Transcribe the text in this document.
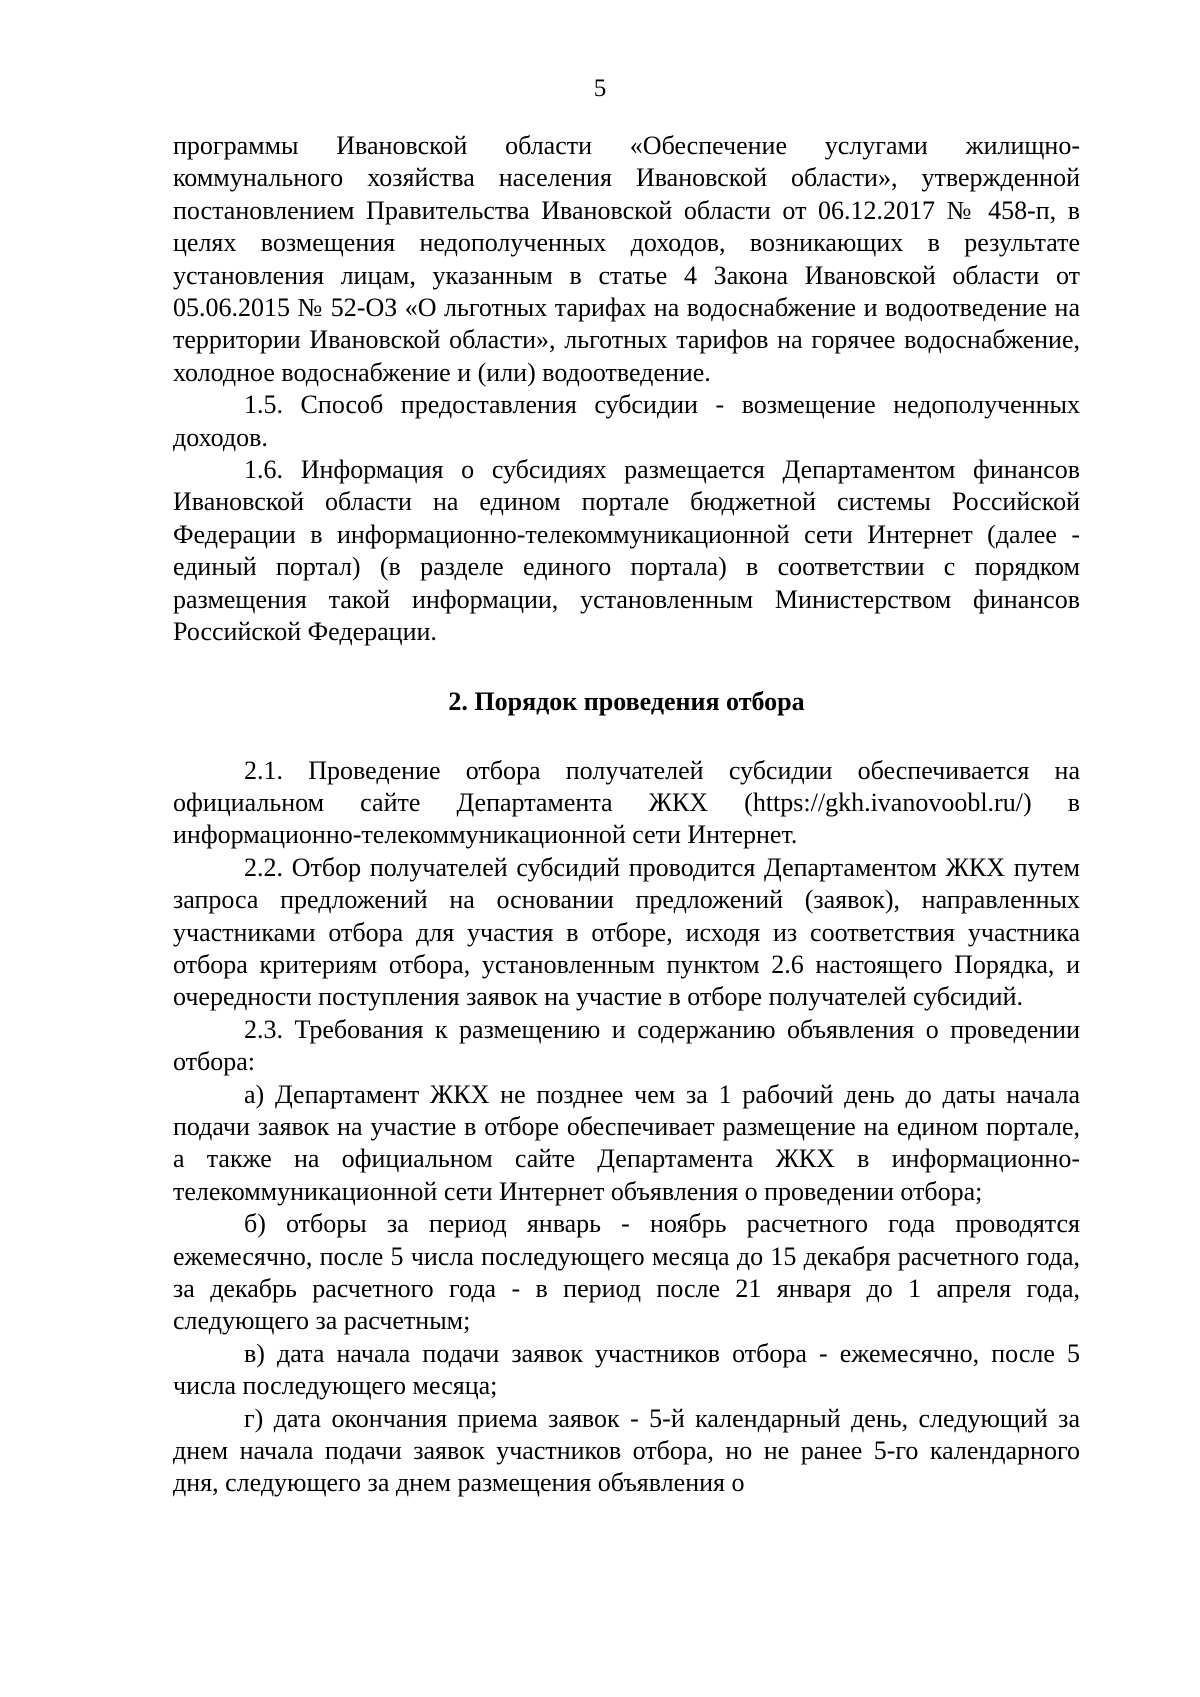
5

программы Ивановской области «Обеспечение услугами жилищно-коммунального хозяйства населения Ивановской области», утвержденной постановлением Правительства Ивановской области от 06.12.2017 № 458-п, в целях возмещения недополученных доходов, возникающих в результате установления лицам, указанным в статье 4 Закона Ивановской области от 05.06.2015 № 52-ОЗ «О льготных тарифах на водоснабжение и водоотведение на территории Ивановской области», льготных тарифов на горячее водоснабжение, холодное водоснабжение и (или) водоотведение.

1.5. Способ предоставления субсидии - возмещение недополученных доходов.

1.6. Информация о субсидиях размещается Департаментом финансов Ивановской области на едином портале бюджетной системы Российской Федерации в информационно-телекоммуникационной сети Интернет (далее - единый портал) (в разделе единого портала) в соответствии с порядком размещения такой информации, установленным Министерством финансов Российской Федерации.

2. Порядок проведения отбора

2.1. Проведение отбора получателей субсидии обеспечивается на официальном сайте Департамента ЖКХ (https://gkh.ivanovoobl.ru/) в информационно-телекоммуникационной сети Интернет.

2.2. Отбор получателей субсидий проводится Департаментом ЖКХ путем запроса предложений на основании предложений (заявок), направленных участниками отбора для участия в отборе, исходя из соответствия участника отбора критериям отбора, установленным пунктом 2.6 настоящего Порядка, и очередности поступления заявок на участие в отборе получателей субсидий.

2.3. Требования к размещению и содержанию объявления о проведении отбора:

а) Департамент ЖКХ не позднее чем за 1 рабочий день до даты начала подачи заявок на участие в отборе обеспечивает размещение на едином портале, а также на официальном сайте Департамента ЖКХ в информационно-телекоммуникационной сети Интернет объявления о проведении отбора;

б) отборы за период январь - ноябрь расчетного года проводятся ежемесячно, после 5 числа последующего месяца до 15 декабря расчетного года, за декабрь расчетного года - в период после 21 января до 1 апреля года, следующего за расчетным;

в) дата начала подачи заявок участников отбора - ежемесячно, после 5 числа последующего месяца;

г) дата окончания приема заявок - 5-й календарный день, следующий за днем начала подачи заявок участников отбора, но не ранее 5-го календарного дня, следующего за днем размещения объявления о
